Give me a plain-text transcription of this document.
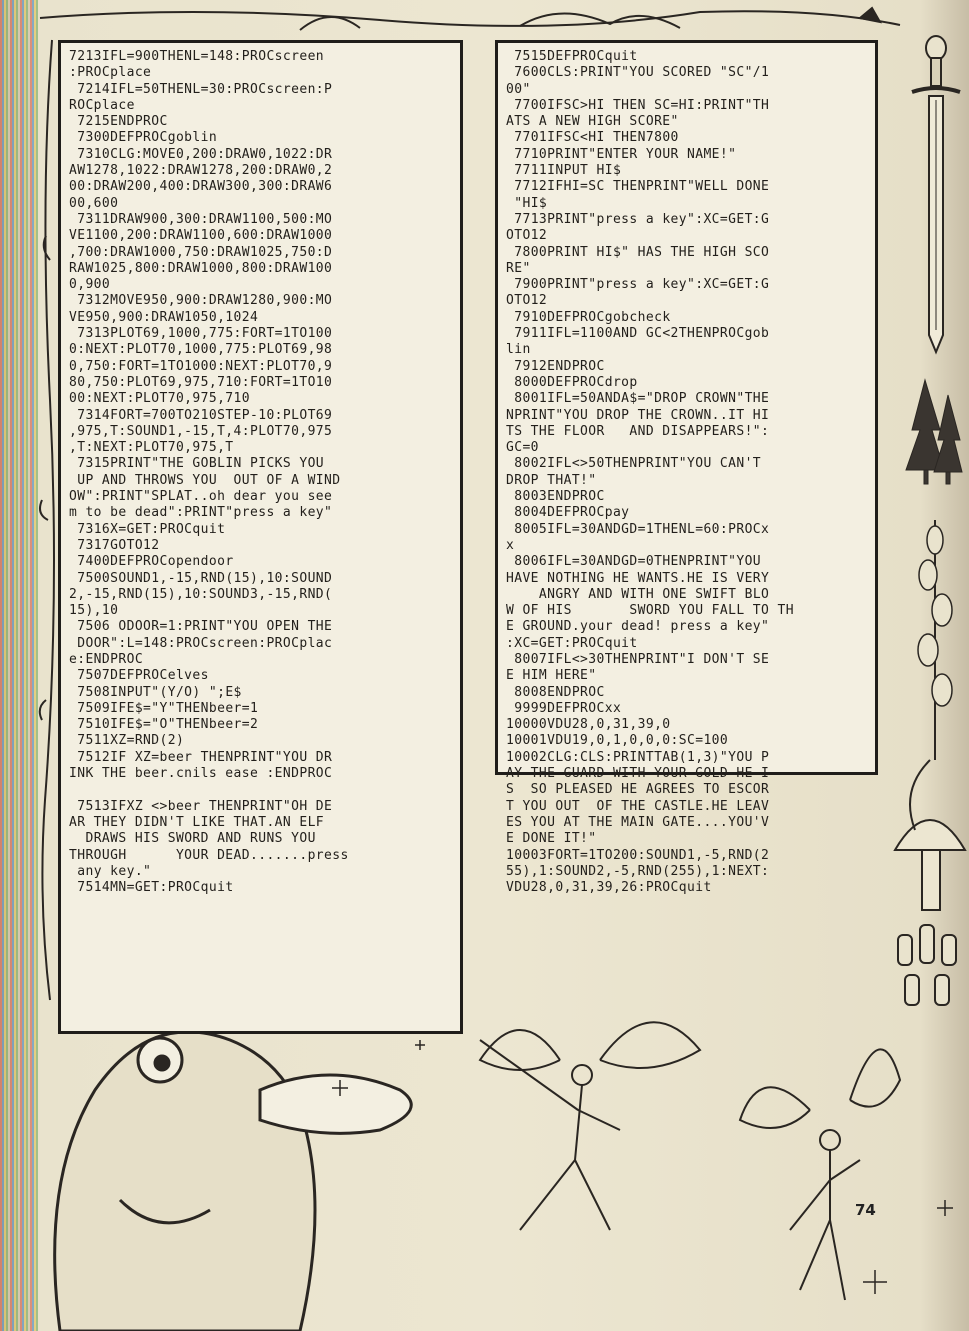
7213IFL=900THENL=148:PROCscreen
:PROCplace
7214IFL=50THENL=30:PROCscreen:P
ROCplace
7215ENDPROC
7300DEFPROCgoblin
7310CLG:MOVE0,200:DRAW0,1022:DR
AW1278,1022:DRAW1278,200:DRAW0,2
00:DRAW200,400:DRAW300,300:DRAW6
00,600
7311DRAW900,300:DRAW1100,500:MO
VE1100,200:DRAW1100,600:DRAW1000
,700:DRAW1000,750:DRAW1025,750:D
RAW1025,800:DRAW1000,800:DRAW100
0,900
7312MOVE950,900:DRAW1280,900:MO
VE950,900:DRAW1050,1024
7313PLOT69,1000,775:FORT=1TO100
0:NEXT:PLOT70,1000,775:PLOT69,98
0,750:FORT=1TO1000:NEXT:PLOT70,9
80,750:PLOT69,975,710:FORT=1TO10
00:NEXT:PLOT70,975,710
7314FORT=700TO210STEP-10:PLOT69
,975,T:SOUND1,-15,T,4:PLOT70,975
,T:NEXT:PLOT70,975,T
7315PRINT"THE GOBLIN PICKS YOU
UP AND THROWS YOU  OUT OF A WIND
OW":PRINT"SPLAT..oh dear you see
m to be dead":PRINT"press a key"
7316X=GET:PROCquit
7317GOTO12
7400DEFPROCopendoor
7500SOUND1,-15,RND(15),10:SOUND
2,-15,RND(15),10:SOUND3,-15,RND(
15),10
7506 ODOOR=1:PRINT"YOU OPEN THE
DOOR":L=148:PROCscreen:PROCplac
e:ENDPROC
7507DEFPROCelves
7508INPUT"(Y/O) ";E$
7509IFE$="Y"THENbeer=1
7510IFE$="O"THENbeer=2
7511XZ=RND(2)
7512IF XZ=beer THENPRINT"YOU DR
INK THE beer.cnils ease :ENDPROC

7513IFXZ <>beer THENPRINT"OH DE
AR THEY DIDN'T LIKE THAT.AN ELF
DRAWS HIS SWORD AND RUNS YOU
THROUGH      YOUR DEAD.......press
any key."
7514MN=GET:PROCquit
7515DEFPROCquit
7600CLS:PRINT"YOU SCORED "SC"/1
00"
7700IFSC>HI THEN SC=HI:PRINT"TH
ATS A NEW HIGH SCORE"
7701IFSC<HI THEN7800
7710PRINT"ENTER YOUR NAME!"
7711INPUT HI$
7712IFHI=SC THENPRINT"WELL DONE
"HI$
7713PRINT"press a key":XC=GET:G
OTO12
7800PRINT HI$" HAS THE HIGH SCO
RE"
7900PRINT"press a key":XC=GET:G
OTO12
7910DEFPROCgobcheck
7911IFL=1100AND GC<2THENPROCgob
lin
7912ENDPROC
8000DEFPROCdrop
8001IFL=50ANDA$="DROP CROWN"THE
NPRINT"YOU DROP THE CROWN..IT HI
TS THE FLOOR   AND DISAPPEARS!":
GC=0
8002IFL<>50THENPRINT"YOU CAN'T
DROP THAT!"
8003ENDPROC
8004DEFPROCpay
8005IFL=30ANDGD=1THENL=60:PROCx
x
8006IFL=30ANDGD=0THENPRINT"YOU
HAVE NOTHING HE WANTS.HE IS VERY
ANGRY AND WITH ONE SWIFT BLO
W OF HIS       SWORD YOU FALL TO TH
E GROUND.your dead! press a key"
:XC=GET:PROCquit
8007IFL<>30THENPRINT"I DON'T SE
E HIM HERE"
8008ENDPROC
9999DEFPROCxx
10000VDU28,0,31,39,0
10001VDU19,0,1,0,0,0:SC=100
10002CLG:CLS:PRINTTAB(1,3)"YOU P
AY THE GUARD WITH YOUR GOLD HE I
S  SO PLEASED HE AGREES TO ESCOR
T YOU OUT  OF THE CASTLE.HE LEAV
ES YOU AT THE MAIN GATE....YOU'V
E DONE IT!"
10003FORT=1TO200:SOUND1,-5,RND(2
55),1:SOUND2,-5,RND(255),1:NEXT:
VDU28,0,31,39,26:PROCquit
74
